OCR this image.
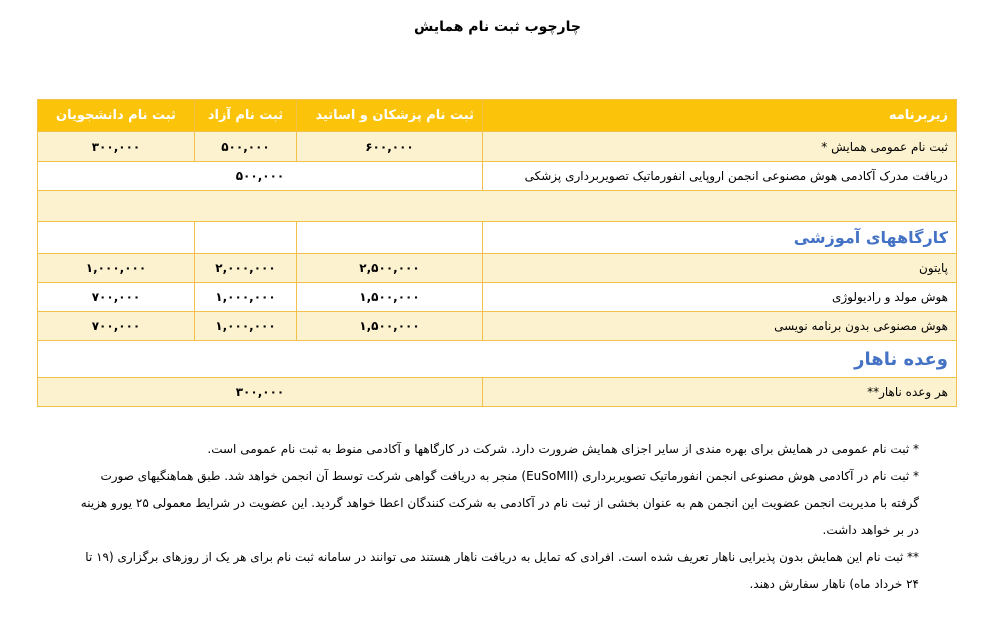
چارچوب ثبت نام همایش
زیربرنامه	ثبت نام پزشکان و اساتید	ثبت نام آزاد	ثبت نام دانشجویان
ثبت نام عمومی همایش *	۶۰۰,۰۰۰	۵۰۰,۰۰۰	۳۰۰,۰۰۰
دریافت مدرک آکادمی هوش مصنوعی انجمن اروپایی انفورماتیک تصویربرداری پزشکی	۵۰۰,۰۰۰		

کارگاههای آموزشی			
پایتون	۲,۵۰۰,۰۰۰	۲,۰۰۰,۰۰۰	۱,۰۰۰,۰۰۰
هوش مولد و رادیولوژی	۱,۵۰۰,۰۰۰	۱,۰۰۰,۰۰۰	۷۰۰,۰۰۰
هوش مصنوعی بدون برنامه نویسی	۱,۵۰۰,۰۰۰	۱,۰۰۰,۰۰۰	۷۰۰,۰۰۰
وعده ناهار			
هر وعده ناهار**	۳۰۰,۰۰۰		

* ثبت نام عمومی در همایش برای بهره مندی از سایر اجزای همایش ضرورت دارد. شرکت در کارگاهها و آکادمی منوط به ثبت نام عمومی است.

* ثبت نام در آکادمی هوش مصنوعی انجمن انفورماتیک تصویربرداری (EuSoMII) منجر به دریافت گواهی شرکت توسط آن انجمن خواهد شد. طبق هماهنگیهای صورت گرفته با مدیریت انجمن عضویت این انجمن هم به عنوان بخشی از ثبت نام در آکادمی به شرکت کنندگان اعطا خواهد گردید. این عضویت در شرایط معمولی ۲۵ یورو هزینه در بر خواهد داشت.

** ثبت نام این همایش بدون پذیرایی ناهار تعریف شده است. افرادی که تمایل به دریافت ناهار هستند می توانند در سامانه ثبت نام برای هر یک از روزهای برگزاری (۱۹ تا ۲۴ خرداد ماه) ناهار سفارش دهند.
